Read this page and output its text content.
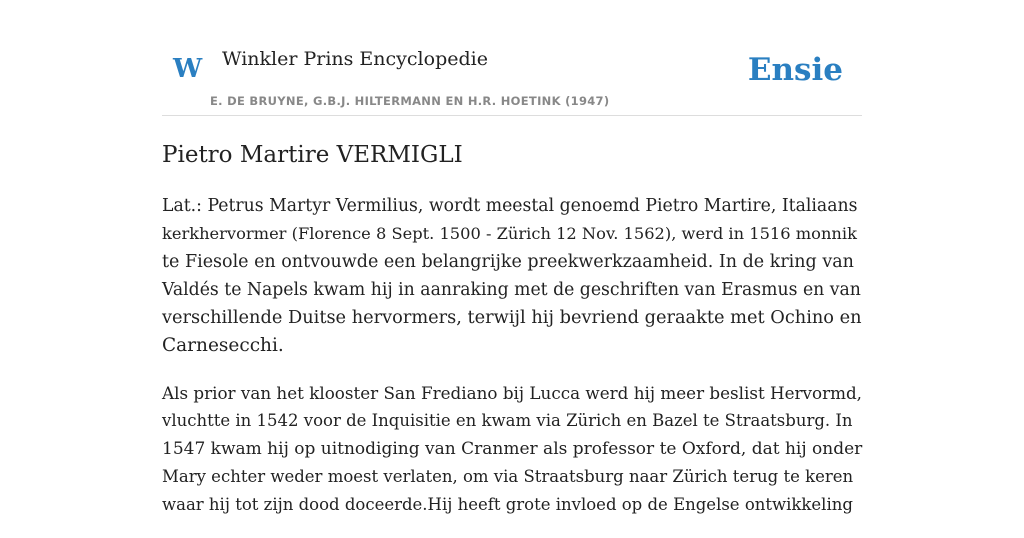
W Winkler Prins Encyclopedie
E. DE BRUYNE, G.B.J. HILTERMANN EN H.R. HOETINK (1947)
Ensie
Pietro Martire VERMIGLI

Lat.: Petrus Martyr Vermilius, wordt meestal genoemd Pietro Martire, Italiaans
kerkhervormer (Florence 8 Sept. 1500 - Zürich 12 Nov. 1562), werd in 1516 monnik
te Fiesole en ontvouwde een belangrijke preekwerkzaamheid. In de kring van
Valdés te Napels kwam hij in aanraking met de geschriften van Erasmus en van
verschillende Duitse hervormers, terwijl hij bevriend geraakte met Ochino en
Carnesecchi.

Als prior van het klooster San Frediano bij Lucca werd hij meer beslist Hervormd,
vluchtte in 1542 voor de Inquisitie en kwam via Zürich en Bazel te Straatsburg. In
1547 kwam hij op uitnodiging van Cranmer als professor te Oxford, dat hij onder
Mary echter weder moest verlaten, om via Straatsburg naar Zürich terug te keren
waar hij tot zijn dood doceerde.Hij heeft grote invloed op de Engelse ontwikkeling
